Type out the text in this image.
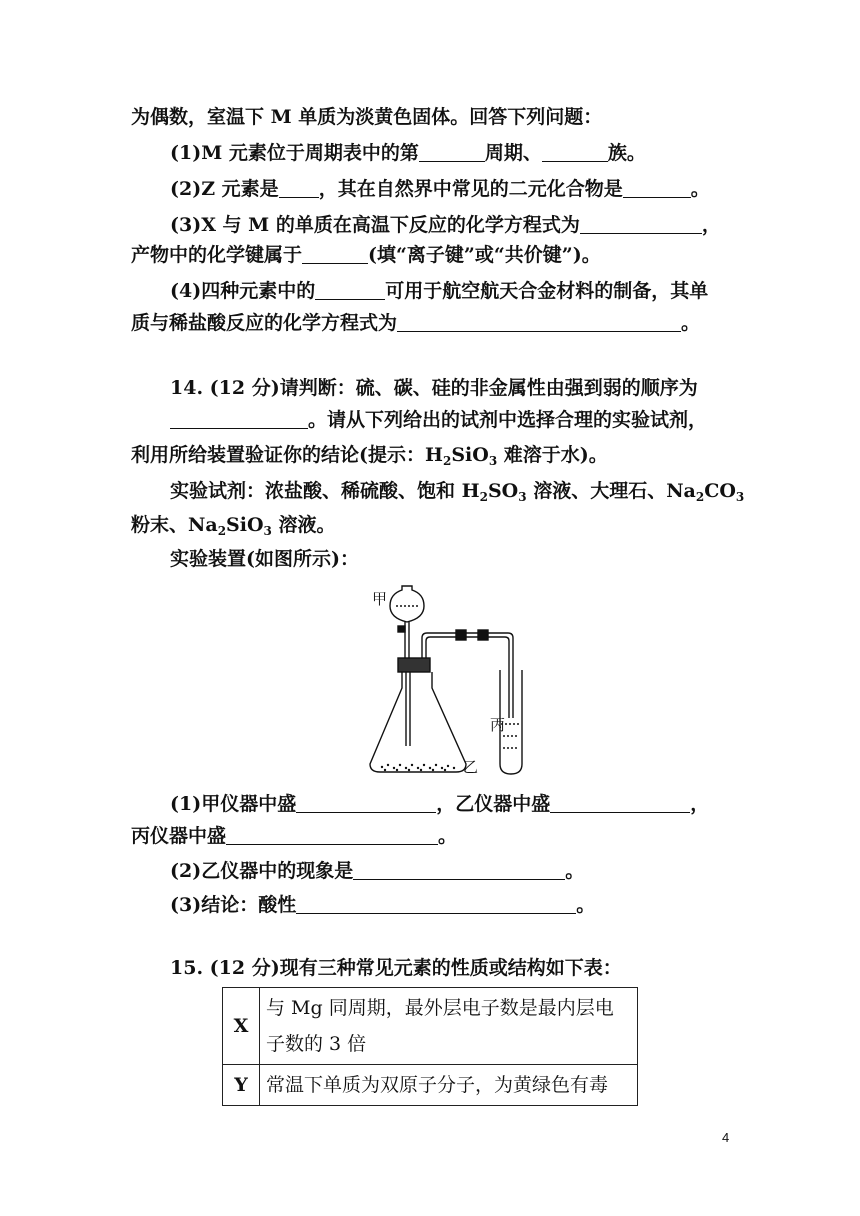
为偶数，室温下 M 单质为淡黄色固体。回答下列问题：
(1)M 元素位于周期表中的第	周期、	族。
(2)Z 元素是 ，其在自然界中常见的二元化合物是	。
(3)X 与 M 的单质在高温下反应的化学方程式为	，
产物中的化学键属于	(填“离子键”或“共价键”)。
(4)四种元素中的	可用于航空航天合金材料的制备，其单
质与稀盐酸反应的化学方程式为	。
14. (12 分)请判断：硫、碳、硅的非金属性由强到弱的顺序为
。请从下列给出的试剂中选择合理的实验试剂，
利用所给装置验证你的结论(提示：$H_2SiO_3$ 难溶于水)。
实验试剂：浓盐酸、稀硫酸、饱和 $H_2SO_3$ 溶液、大理石、$Na_2CO_3$
粉末、$Na_2SiO_3$ 溶液。
实验装置(如图所示)：
甲
乙
丙
(1)甲仪器中盛	，乙仪器中盛	，
丙仪器中盛	。
(2)乙仪器中的现象是	。
(3)结论：酸性	。
15. (12 分)现有三种常见元素的性质或结构如下表：
X	与 Mg 同周期，最外层电子数是最内层电
子数的 3 倍
Y	常温下单质为双原子分子，为黄绿色有毒
4
